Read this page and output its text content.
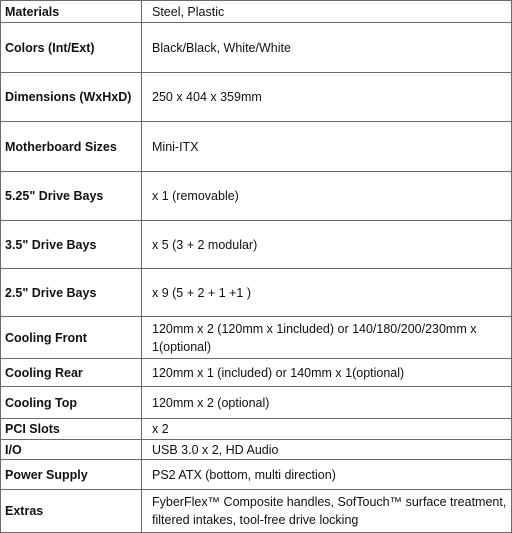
Materials	Steel, Plastic
Colors (Int/Ext)	Black/Black, White/White
Dimensions (WxHxD)	250 x 404 x 359mm
Motherboard Sizes	Mini-ITX
5.25" Drive Bays	x 1 (removable)
3.5" Drive Bays	x 5 (3 + 2 modular)
2.5" Drive Bays	x 9 (5 + 2 + 1 +1 )
Cooling Front	120mm x 2 (120mm x 1included) or 140/180/200/230mm x 1(optional)
Cooling Rear	120mm x 1 (included) or 140mm x 1(optional)
Cooling Top	120mm x 2 (optional)
PCI Slots	x 2
I/O	USB 3.0 x 2, HD Audio
Power Supply	PS2 ATX (bottom, multi direction)
Extras	FyberFlex™ Composite handles, SofTouch™ surface treatment, filtered intakes, tool-free drive locking
